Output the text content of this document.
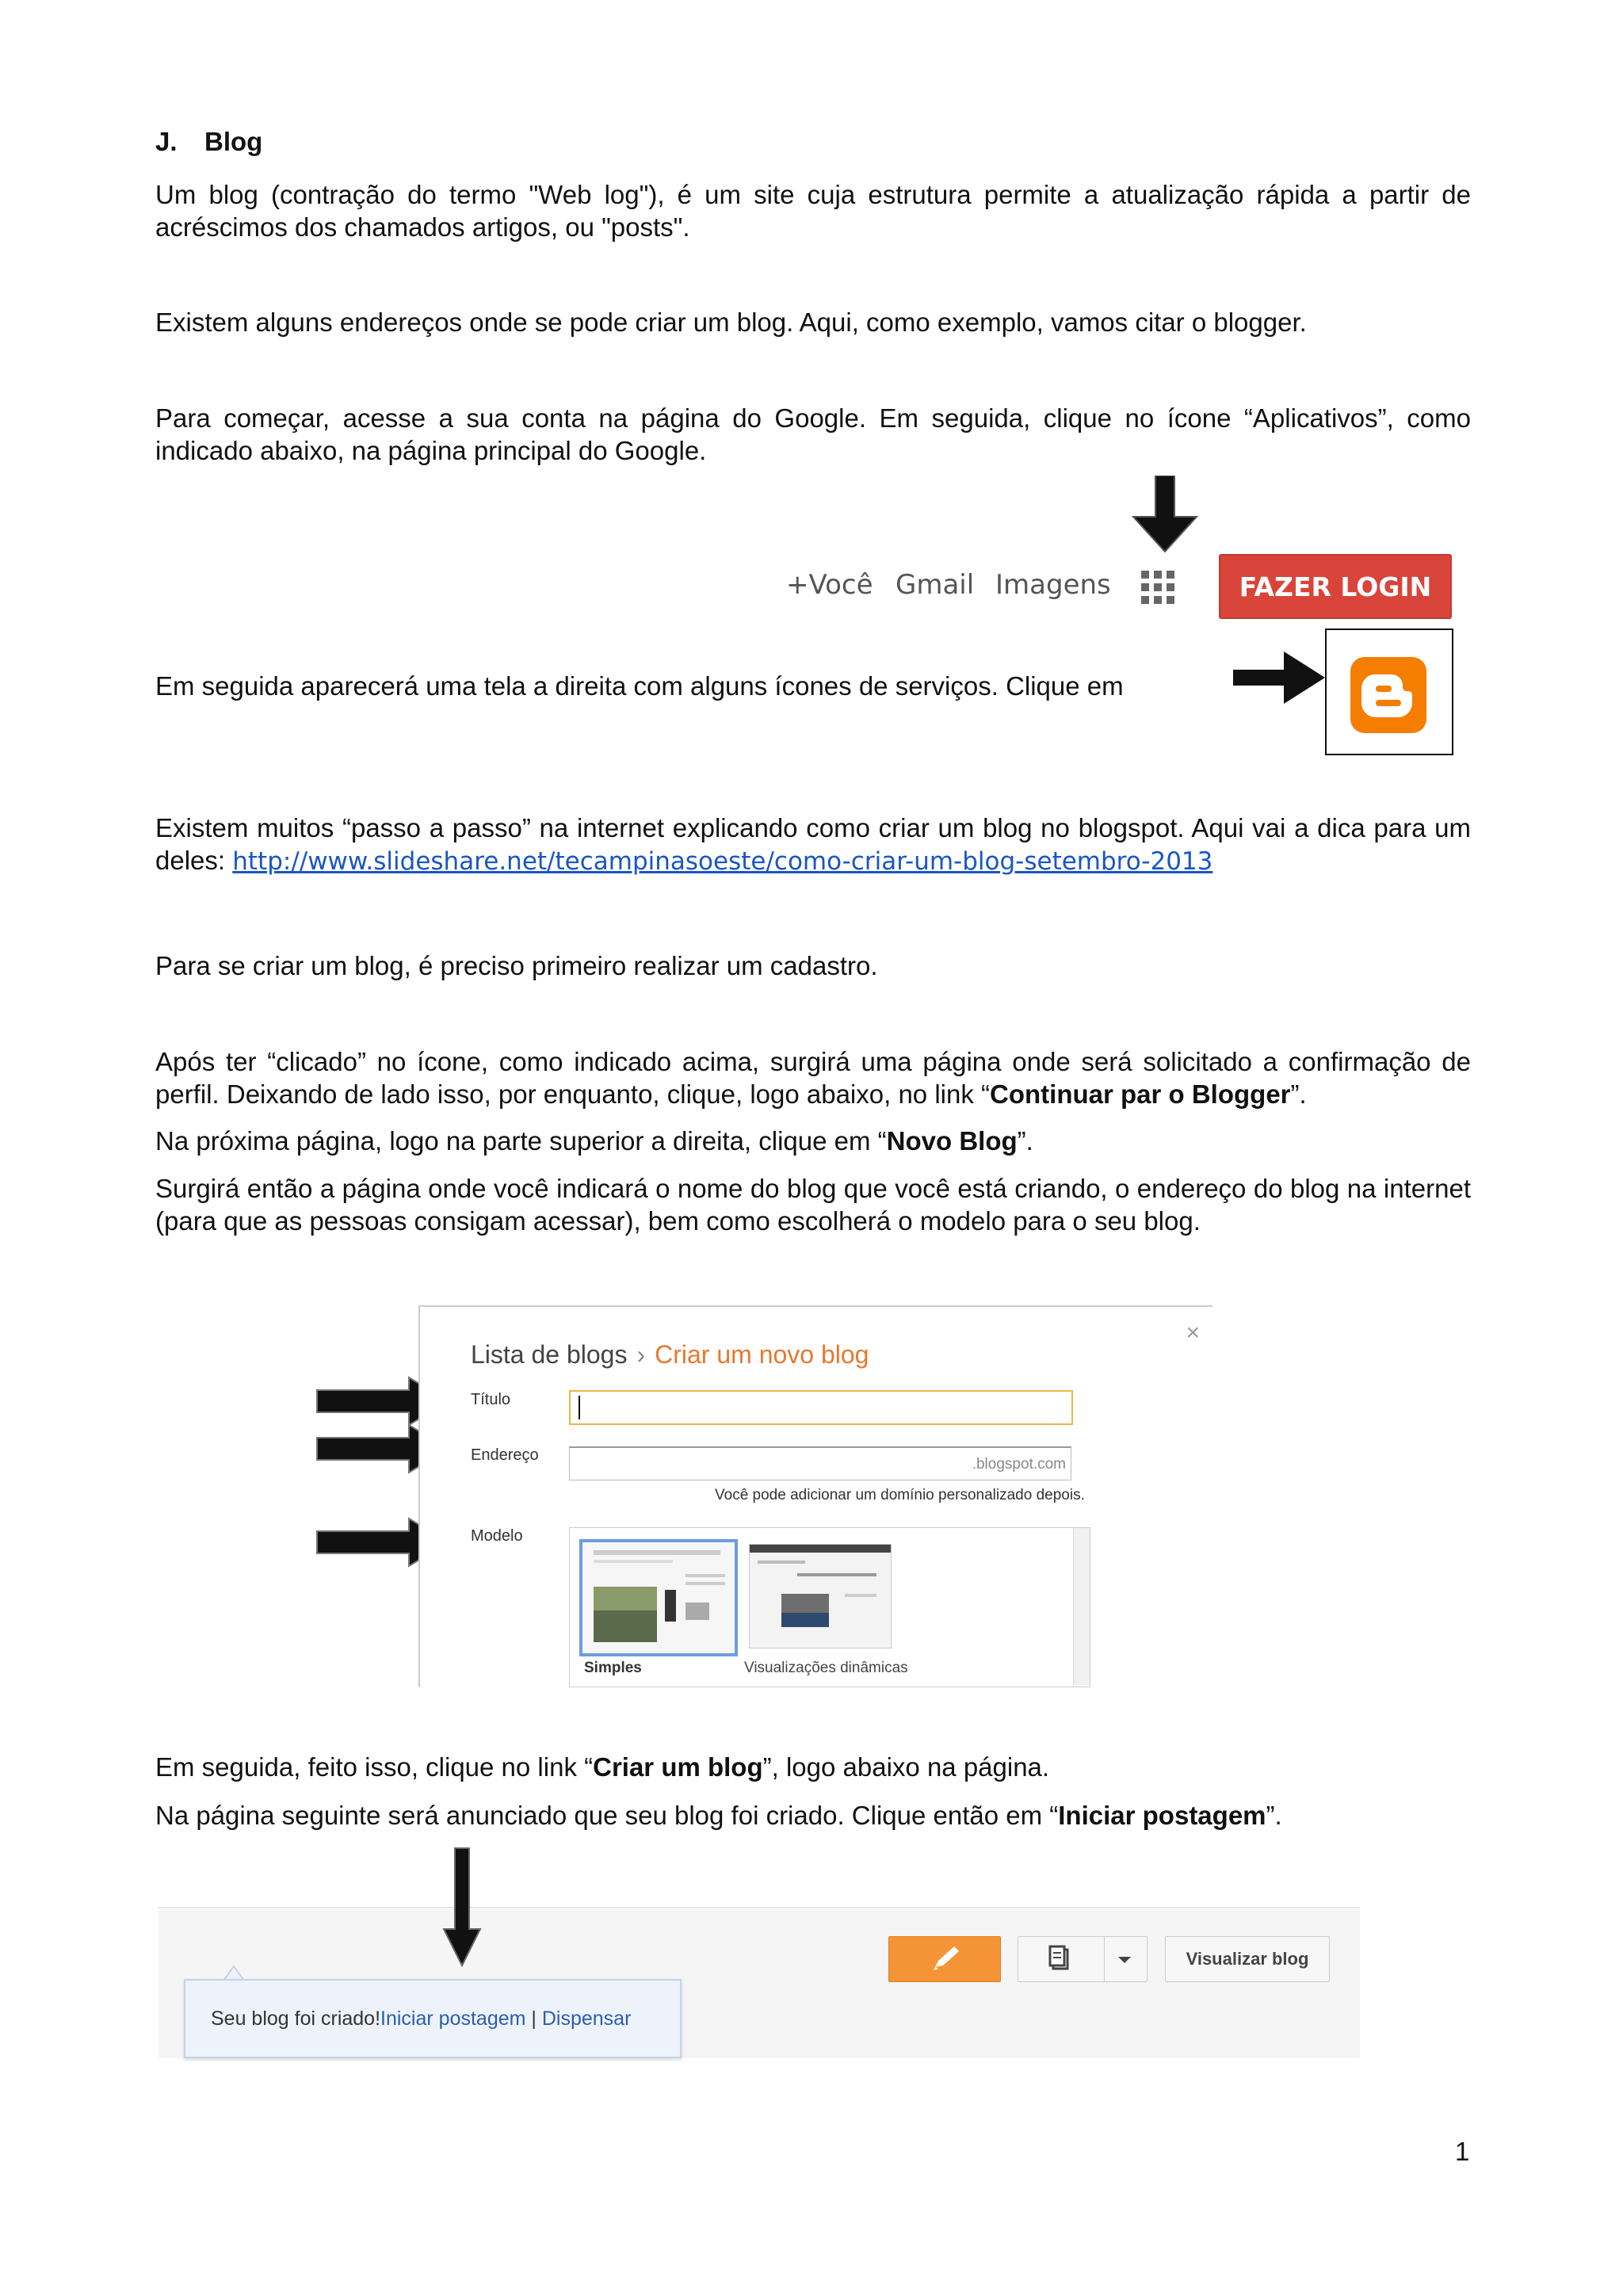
J. Blog

Um blog (contração do termo "Web log"), é um site cuja estrutura permite a atualização rápida a partir de acréscimos dos chamados artigos, ou "posts".

Existem alguns endereços onde se pode criar um blog. Aqui, como exemplo, vamos citar o blogger.

Para começar, acesse a sua conta na página do Google. Em seguida, clique no ícone “Aplicativos”, como indicado abaixo, na página principal do Google.

+Você Gmail Imagens	FAZER LOGIN

Em seguida aparecerá uma tela a direita com alguns ícones de serviços. Clique em

Existem muitos “passo a passo” na internet explicando como criar um blog no blogspot. Aqui vai a dica para um deles: http://www.slideshare.net/tecampinasoeste/como-criar-um-blog-setembro-2013

Para se criar um blog, é preciso primeiro realizar um cadastro.

Após ter “clicado” no ícone, como indicado acima, surgirá uma página onde será solicitado a confirmação de perfil. Deixando de lado isso, por enquanto, clique, logo abaixo, no link “Continuar par o Blogger”.

Na próxima página, logo na parte superior a direita, clique em “Novo Blog”.

Surgirá então a página onde você indicará o nome do blog que você está criando, o endereço do blog na internet (para que as pessoas consigam acessar), bem como escolherá o modelo para o seu blog.

Lista de blogs › Criar um novo blog
×
Título
Endereço
.blogspot.com
Você pode adicionar um domínio personalizado depois.
Modelo
Simples	Visualizações dinâmicas

Em seguida, feito isso, clique no link “Criar um blog”, logo abaixo na página.

Na página seguinte será anunciado que seu blog foi criado. Clique então em “Iniciar postagem”.

Visualizar blog
Seu blog foi criado! Iniciar postagem | Dispensar
1
